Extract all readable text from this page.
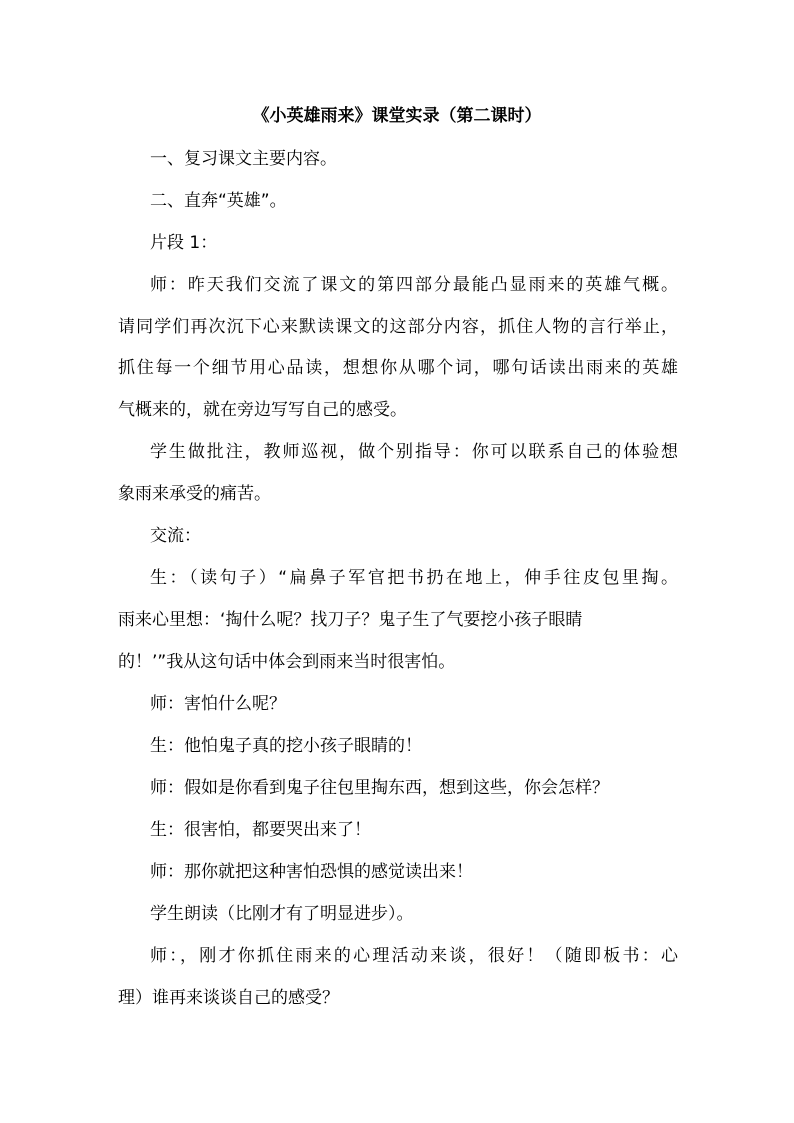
《小英雄雨来》课堂实录（第二课时）
一、复习课文主要内容。
二、直奔“英雄”。
片段 1：
师：昨天我们交流了课文的第四部分最能凸显雨来的英雄气概。
请同学们再次沉下心来默读课文的这部分内容，抓住人物的言行举止，
抓住每一个细节用心品读，想想你从哪个词，哪句话读出雨来的英雄
气概来的，就在旁边写写自己的感受。
学生做批注，教师巡视，做个别指导：你可以联系自己的体验想
象雨来承受的痛苦。
交流：
生：（读句子）“扁鼻子军官把书扔在地上，伸手往皮包里掏。
雨来心里想：‘掏什么呢？找刀子？鬼子生了气要挖小孩子眼睛
的！’”我从这句话中体会到雨来当时很害怕。
师：害怕什么呢？
生：他怕鬼子真的挖小孩子眼睛的！
师：假如是你看到鬼子往包里掏东西，想到这些，你会怎样？
生：很害怕，都要哭出来了！
师：那你就把这种害怕恐惧的感觉读出来！
学生朗读（比刚才有了明显进步）。
师：，刚才你抓住雨来的心理活动来谈，很好！（随即板书：心
理）谁再来谈谈自己的感受？
